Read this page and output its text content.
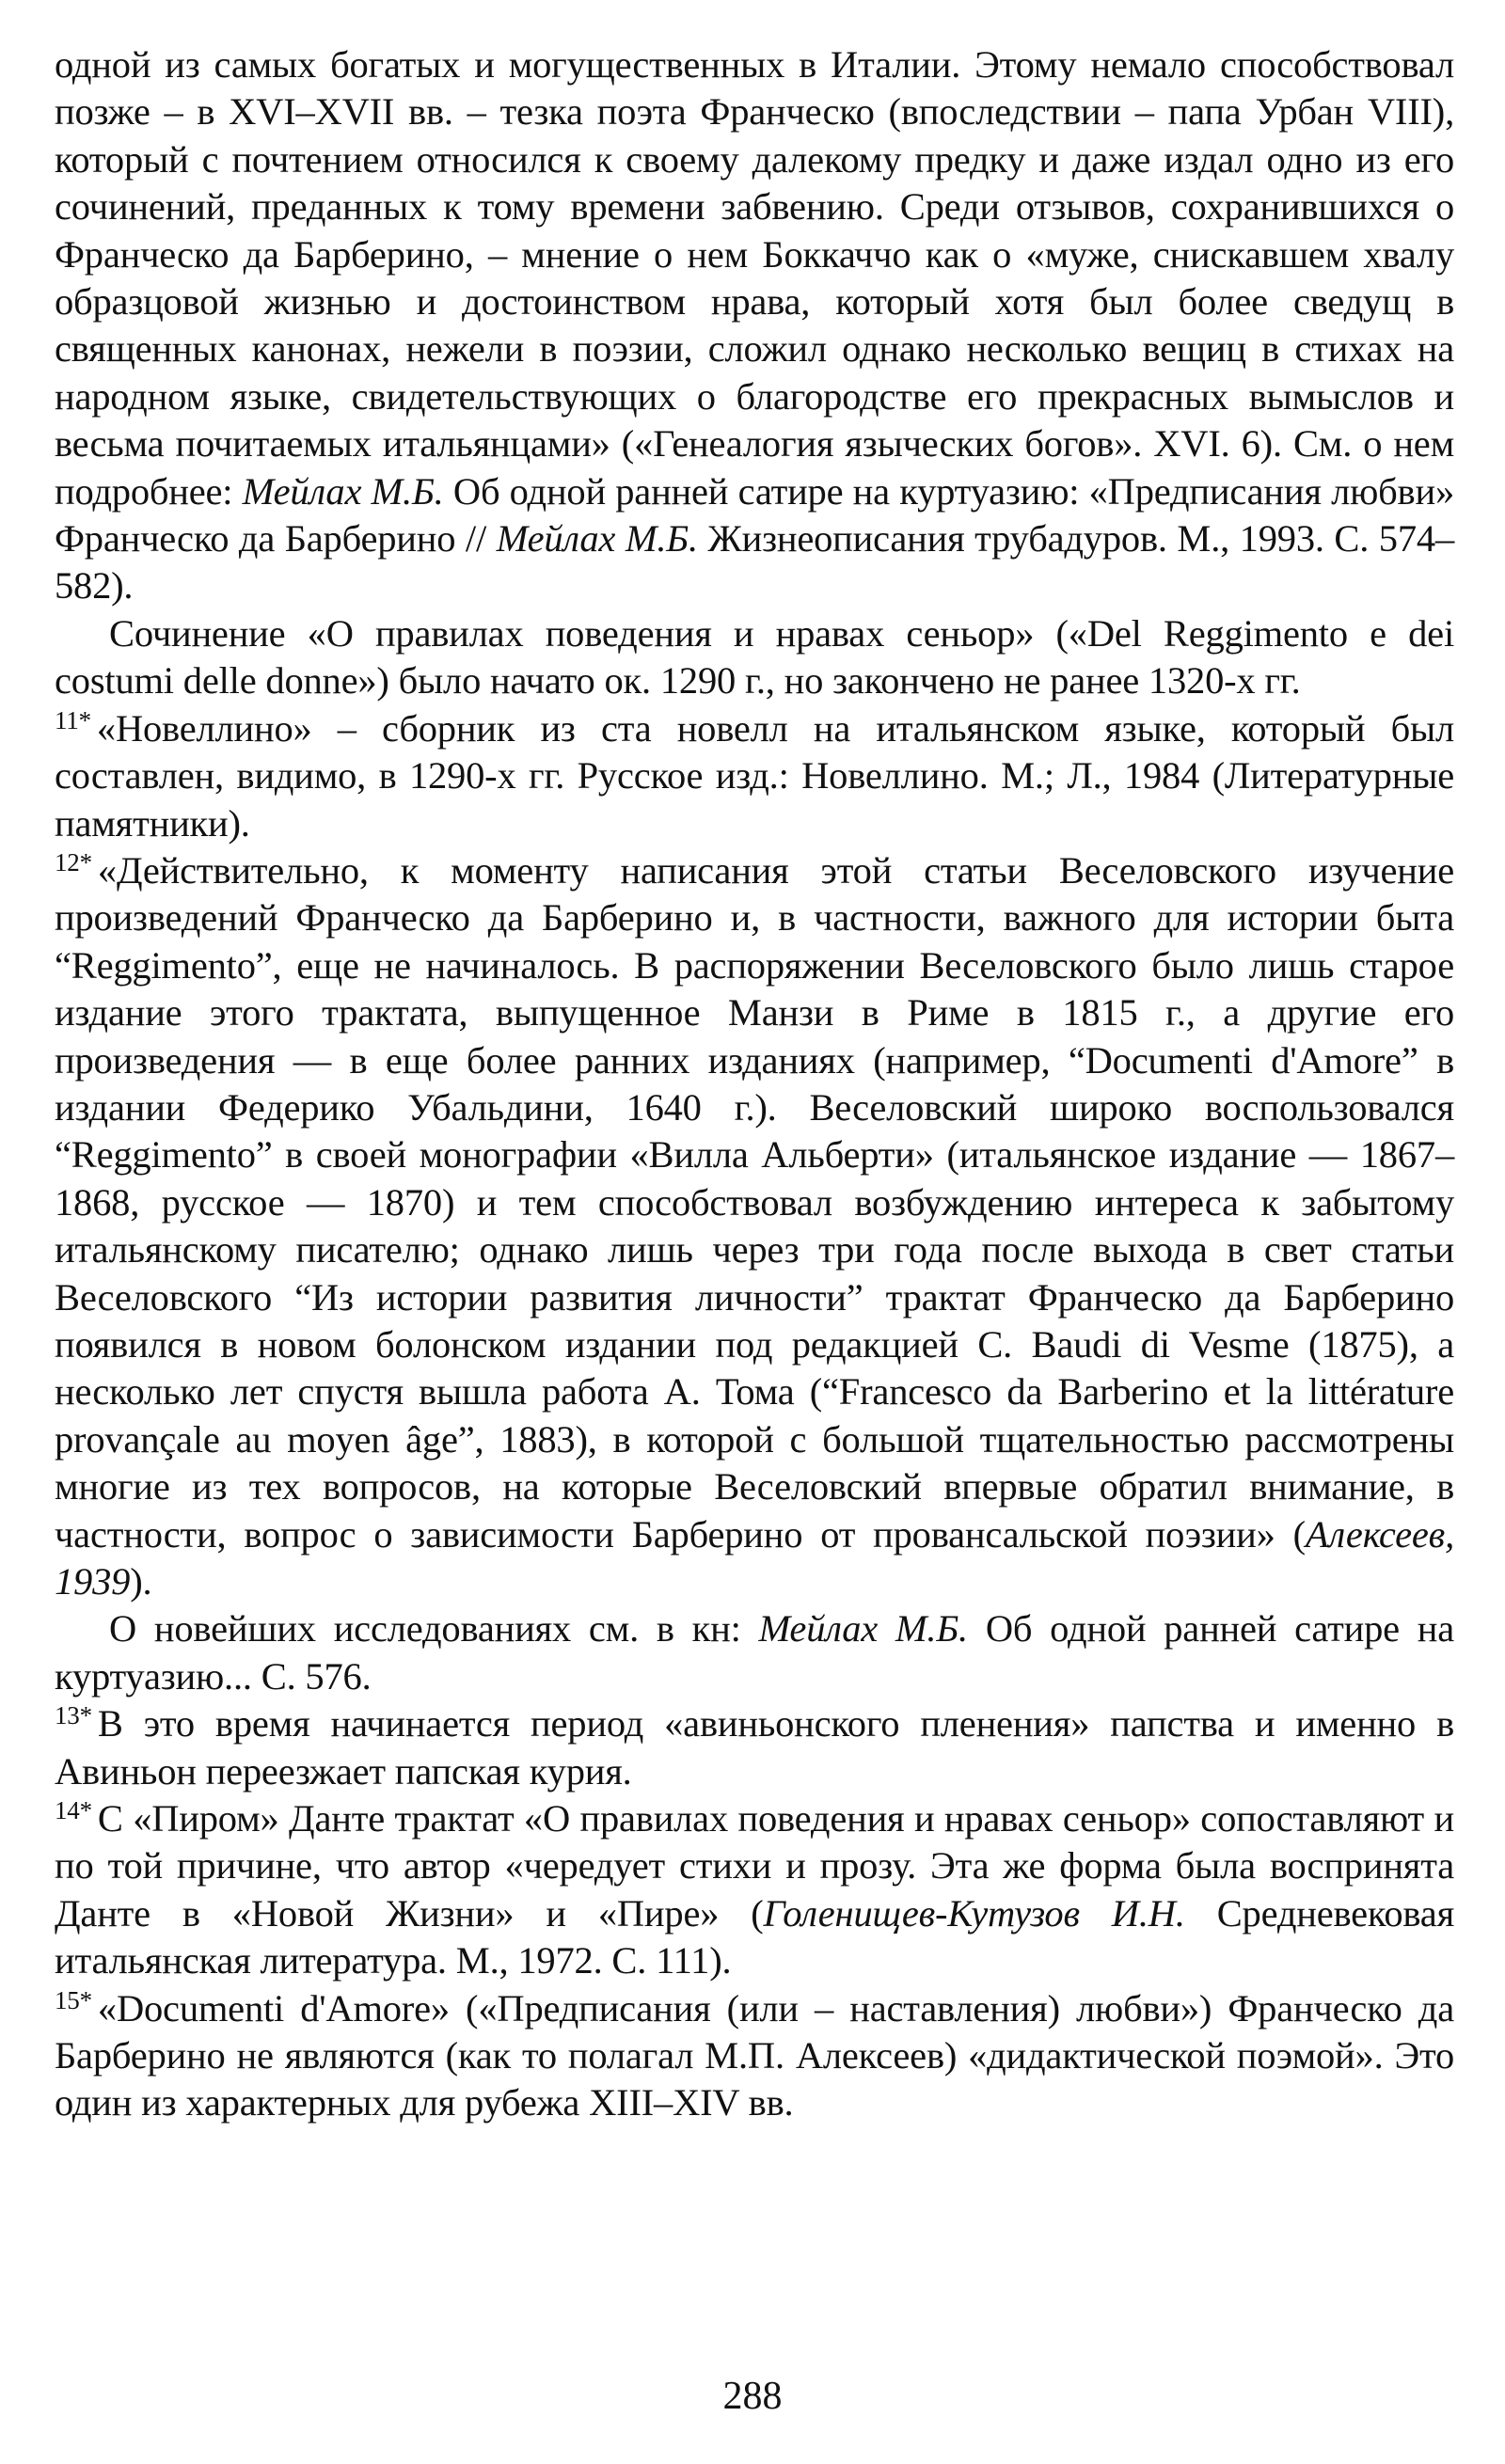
одной из самых богатых и могущественных в Италии. Этому немало способствовал позже – в XVI–XVII вв. – тезка поэта Франческо (впоследствии – папа Урбан VIII), который с почтением относился к своему далекому предку и даже издал одно из его сочинений, преданных к тому времени забвению. Среди отзывов, сохранившихся о Франческо да Барберино, – мнение о нем Боккаччо как о «муже, снискавшем хвалу образцовой жизнью и достоинством нрава, который хотя был более сведущ в священных канонах, нежели в поэзии, сложил однако несколько вещиц в стихах на народном языке, свидетельствующих о благородстве его прекрасных вымыслов и весьма почитаемых итальянцами» («Генеалогия языческих богов». XVI. 6). См. о нем подробнее: Мейлах М.Б. Об одной ранней сатире на куртуазию: «Предписания любви» Франческо да Барберино // Мейлах М.Б. Жизнеописания трубадуров. М., 1993. С. 574–582).

Сочинение «О правилах поведения и нравах сеньор» («Del Reggimento e dei costumi delle donne») было начато ок. 1290 г., но закончено не ранее 1320-х гг.

$^{11*}$ «Новеллино» – сборник из ста новелл на итальянском языке, который был составлен, видимо, в 1290-х гг. Русское изд.: Новеллино. М.; Л., 1984 (Литературные памятники).

$^{12*}$ «Действительно, к моменту написания этой статьи Веселовского изучение произведений Франческо да Барберино и, в частности, важного для истории быта “Reggimento”, еще не начиналось. В распоряжении Веселовского было лишь старое издание этого трактата, выпущенное Манзи в Риме в 1815 г., а другие его произведения — в еще более ранних изданиях (например, “Documenti d'Amore” в издании Федерико Убальдини, 1640 г.). Веселовский широко воспользовался “Reggimento” в своей монографии «Вилла Альберти» (итальянское издание — 1867–1868, русское — 1870) и тем способствовал возбуждению интереса к забытому итальянскому писателю; однако лишь через три года после выхода в свет статьи Веселовского “Из истории развития личности” трактат Франческо да Барберино появился в новом болонском издании под редакцией C. Baudi di Vesme (1875), а несколько лет спустя вышла работа А. Тома (“Francesco da Barberino et la littérature provançale au moyen âge”, 1883), в которой с большой тщательностью рассмотрены многие из тех вопросов, на которые Веселовский впервые обратил внимание, в частности, вопрос о зависимости Барберино от провансальской поэзии» (Алексеев, 1939).

О новейших исследованиях см. в кн: Мейлах М.Б. Об одной ранней сатире на куртуазию... С. 576.

$^{13*}$ В это время начинается период «авиньонского пленения» папства и именно в Авиньон переезжает папская курия.

$^{14*}$ С «Пиром» Данте трактат «О правилах поведения и нравах сеньор» сопоставляют и по той причине, что автор «чередует стихи и прозу. Эта же форма была воспринята Данте в «Новой Жизни» и «Пире» (Голенищев-Кутузов И.Н. Средневековая итальянская литература. М., 1972. С. 111).

$^{15*}$ «Documenti d'Amore» («Предписания (или – наставления) любви») Франческо да Барберино не являются (как то полагал М.П. Алексеев) «дидактической поэмой». Это один из характерных для рубежа XIII–XIV вв.

288
